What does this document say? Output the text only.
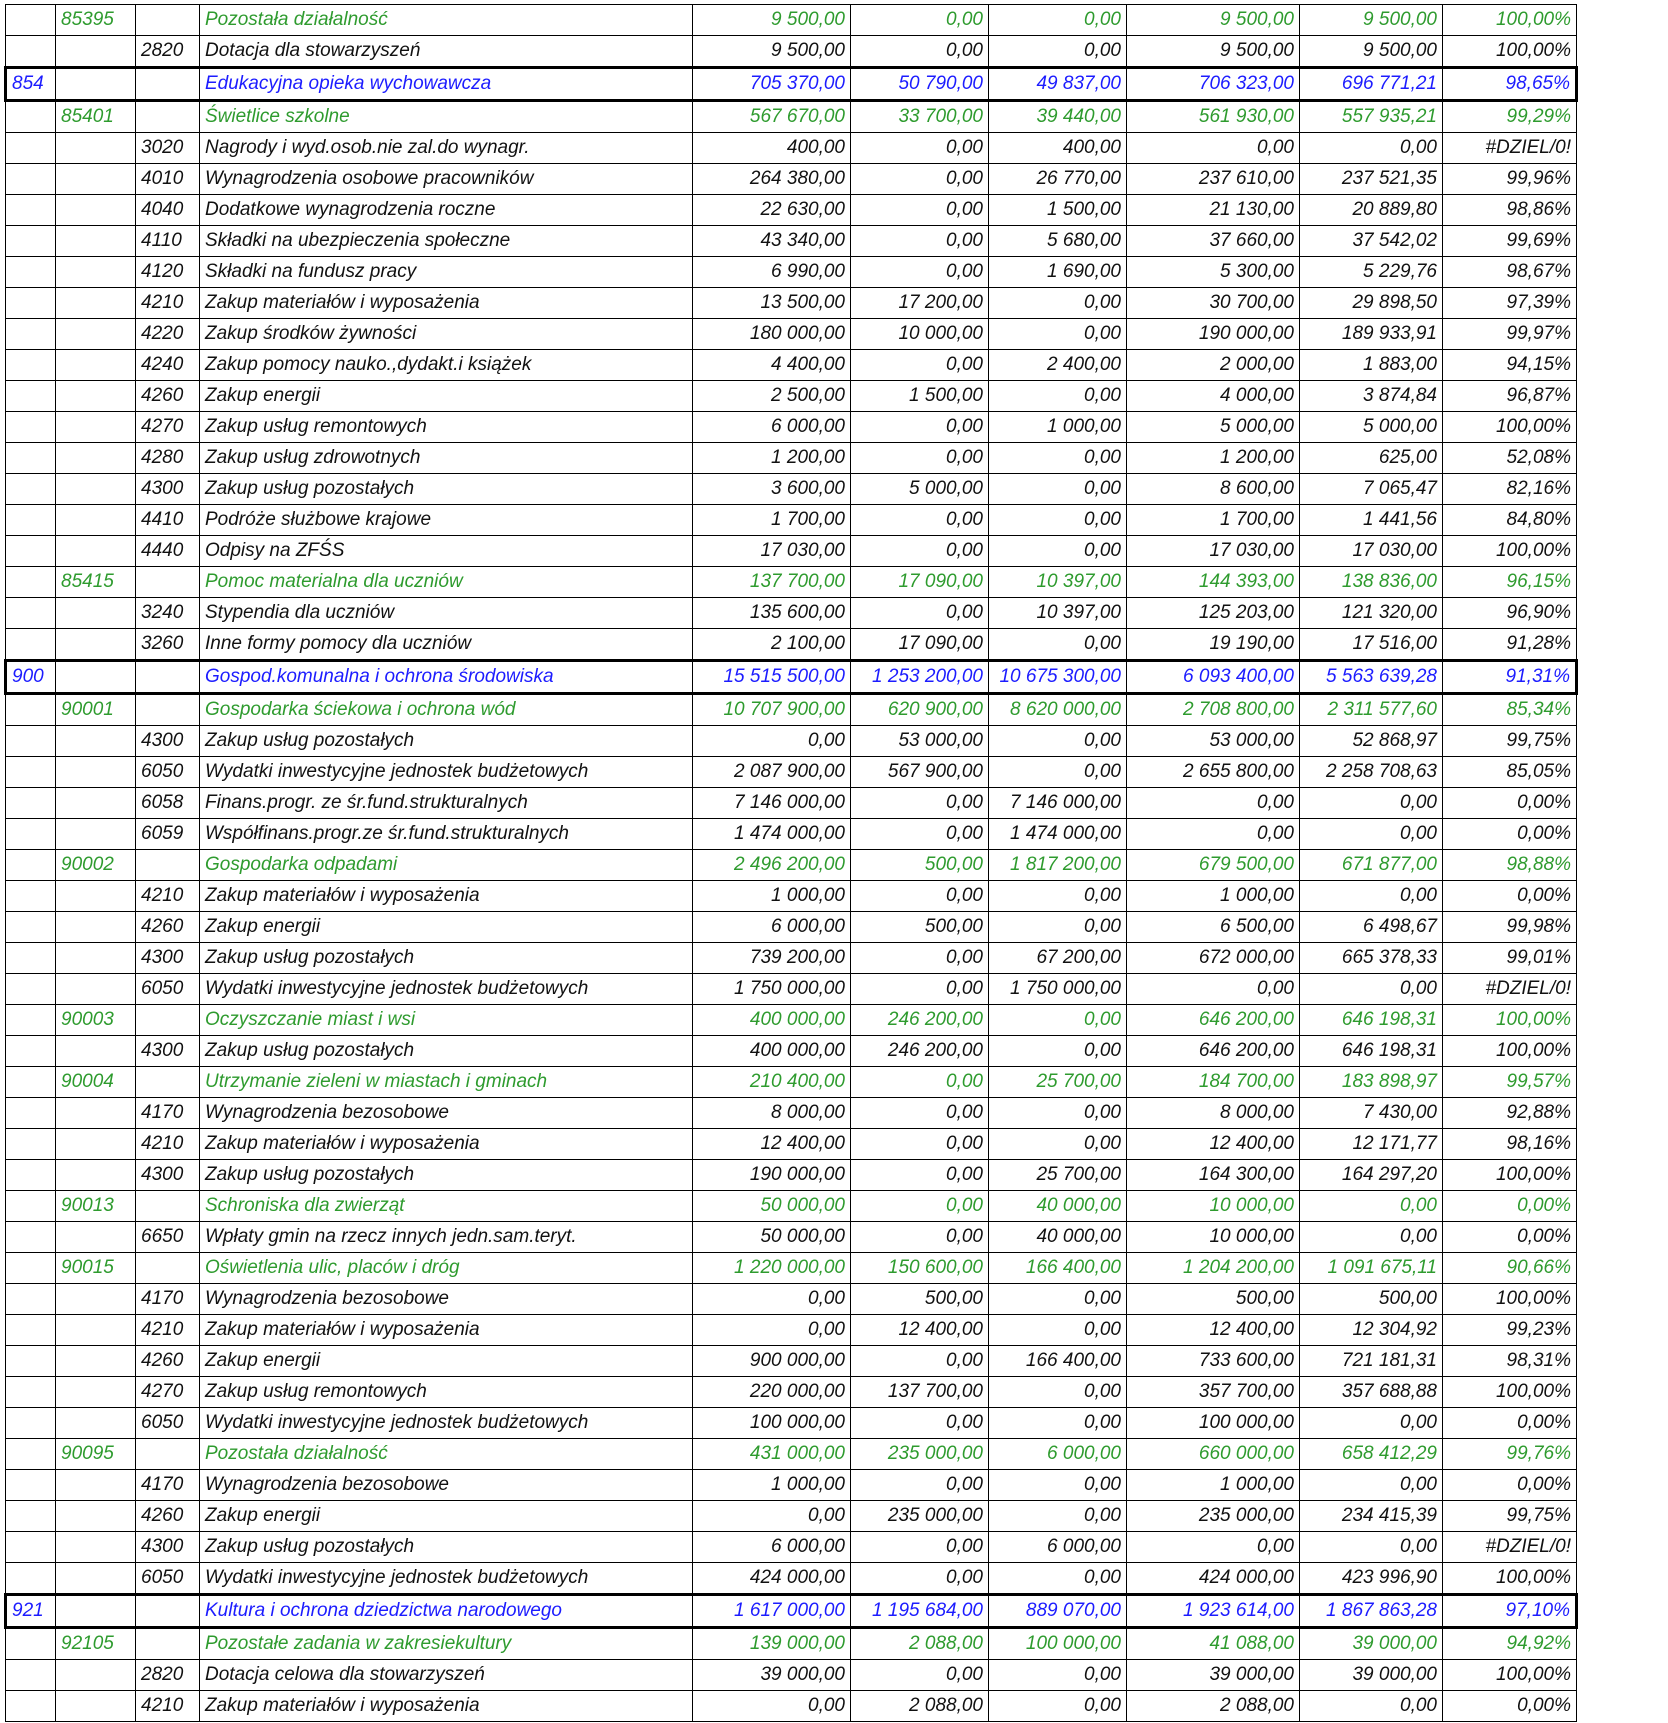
	85395		Pozostała działalność	9 500,00	0,00	0,00	9 500,00	9 500,00	100,00%
		2820	Dotacja dla stowarzyszeń	9 500,00	0,00	0,00	9 500,00	9 500,00	100,00%
854			Edukacyjna opieka wychowawcza	705 370,00	50 790,00	49 837,00	706 323,00	696 771,21	98,65%
	85401		Świetlice szkolne	567 670,00	33 700,00	39 440,00	561 930,00	557 935,21	99,29%
		3020	Nagrody i wyd.osob.nie zal.do wynagr.	400,00	0,00	400,00	0,00	0,00	#DZIEL/0!
		4010	Wynagrodzenia osobowe pracowników	264 380,00	0,00	26 770,00	237 610,00	237 521,35	99,96%
		4040	Dodatkowe wynagrodzenia roczne	22 630,00	0,00	1 500,00	21 130,00	20 889,80	98,86%
		4110	Składki na ubezpieczenia społeczne	43 340,00	0,00	5 680,00	37 660,00	37 542,02	99,69%
		4120	Składki na fundusz pracy	6 990,00	0,00	1 690,00	5 300,00	5 229,76	98,67%
		4210	Zakup materiałów i wyposażenia	13 500,00	17 200,00	0,00	30 700,00	29 898,50	97,39%
		4220	Zakup środków żywności	180 000,00	10 000,00	0,00	190 000,00	189 933,91	99,97%
		4240	Zakup pomocy nauko.,dydakt.i książek	4 400,00	0,00	2 400,00	2 000,00	1 883,00	94,15%
		4260	Zakup energii	2 500,00	1 500,00	0,00	4 000,00	3 874,84	96,87%
		4270	Zakup usług remontowych	6 000,00	0,00	1 000,00	5 000,00	5 000,00	100,00%
		4280	Zakup usług zdrowotnych	1 200,00	0,00	0,00	1 200,00	625,00	52,08%
		4300	Zakup usług pozostałych	3 600,00	5 000,00	0,00	8 600,00	7 065,47	82,16%
		4410	Podróże służbowe krajowe	1 700,00	0,00	0,00	1 700,00	1 441,56	84,80%
		4440	Odpisy na ZFŚS	17 030,00	0,00	0,00	17 030,00	17 030,00	100,00%
	85415		Pomoc materialna dla uczniów	137 700,00	17 090,00	10 397,00	144 393,00	138 836,00	96,15%
		3240	Stypendia dla uczniów	135 600,00	0,00	10 397,00	125 203,00	121 320,00	96,90%
		3260	Inne formy pomocy dla uczniów	2 100,00	17 090,00	0,00	19 190,00	17 516,00	91,28%
900			Gospod.komunalna i ochrona środowiska	15 515 500,00	1 253 200,00	10 675 300,00	6 093 400,00	5 563 639,28	91,31%
	90001		Gospodarka ściekowa i ochrona wód	10 707 900,00	620 900,00	8 620 000,00	2 708 800,00	2 311 577,60	85,34%
		4300	Zakup usług pozostałych	0,00	53 000,00	0,00	53 000,00	52 868,97	99,75%
		6050	Wydatki inwestycyjne jednostek budżetowych	2 087 900,00	567 900,00	0,00	2 655 800,00	2 258 708,63	85,05%
		6058	Finans.progr. ze śr.fund.strukturalnych	7 146 000,00	0,00	7 146 000,00	0,00	0,00	0,00%
		6059	Współfinans.progr.ze śr.fund.strukturalnych	1 474 000,00	0,00	1 474 000,00	0,00	0,00	0,00%
	90002		Gospodarka odpadami	2 496 200,00	500,00	1 817 200,00	679 500,00	671 877,00	98,88%
		4210	Zakup materiałów i wyposażenia	1 000,00	0,00	0,00	1 000,00	0,00	0,00%
		4260	Zakup energii	6 000,00	500,00	0,00	6 500,00	6 498,67	99,98%
		4300	Zakup usług pozostałych	739 200,00	0,00	67 200,00	672 000,00	665 378,33	99,01%
		6050	Wydatki inwestycyjne jednostek budżetowych	1 750 000,00	0,00	1 750 000,00	0,00	0,00	#DZIEL/0!
	90003		Oczyszczanie miast i wsi	400 000,00	246 200,00	0,00	646 200,00	646 198,31	100,00%
		4300	Zakup usług pozostałych	400 000,00	246 200,00	0,00	646 200,00	646 198,31	100,00%
	90004		Utrzymanie zieleni w miastach i gminach	210 400,00	0,00	25 700,00	184 700,00	183 898,97	99,57%
		4170	Wynagrodzenia bezosobowe	8 000,00	0,00	0,00	8 000,00	7 430,00	92,88%
		4210	Zakup materiałów i wyposażenia	12 400,00	0,00	0,00	12 400,00	12 171,77	98,16%
		4300	Zakup usług pozostałych	190 000,00	0,00	25 700,00	164 300,00	164 297,20	100,00%
	90013		Schroniska dla zwierząt	50 000,00	0,00	40 000,00	10 000,00	0,00	0,00%
		6650	Wpłaty gmin na rzecz innych jedn.sam.teryt.	50 000,00	0,00	40 000,00	10 000,00	0,00	0,00%
	90015		Oświetlenia ulic, placów i dróg	1 220 000,00	150 600,00	166 400,00	1 204 200,00	1 091 675,11	90,66%
		4170	Wynagrodzenia bezosobowe	0,00	500,00	0,00	500,00	500,00	100,00%
		4210	Zakup materiałów i wyposażenia	0,00	12 400,00	0,00	12 400,00	12 304,92	99,23%
		4260	Zakup energii	900 000,00	0,00	166 400,00	733 600,00	721 181,31	98,31%
		4270	Zakup usług remontowych	220 000,00	137 700,00	0,00	357 700,00	357 688,88	100,00%
		6050	Wydatki inwestycyjne jednostek budżetowych	100 000,00	0,00	0,00	100 000,00	0,00	0,00%
	90095		Pozostała działalność	431 000,00	235 000,00	6 000,00	660 000,00	658 412,29	99,76%
		4170	Wynagrodzenia bezosobowe	1 000,00	0,00	0,00	1 000,00	0,00	0,00%
		4260	Zakup energii	0,00	235 000,00	0,00	235 000,00	234 415,39	99,75%
		4300	Zakup usług pozostałych	6 000,00	0,00	6 000,00	0,00	0,00	#DZIEL/0!
		6050	Wydatki inwestycyjne jednostek budżetowych	424 000,00	0,00	0,00	424 000,00	423 996,90	100,00%
921			Kultura i ochrona dziedzictwa narodowego	1 617 000,00	1 195 684,00	889 070,00	1 923 614,00	1 867 863,28	97,10%
	92105		Pozostałe zadania w zakresiekultury	139 000,00	2 088,00	100 000,00	41 088,00	39 000,00	94,92%
		2820	Dotacja celowa dla stowarzyszeń	39 000,00	0,00	0,00	39 000,00	39 000,00	100,00%
		4210	Zakup materiałów i wyposażenia	0,00	2 088,00	0,00	2 088,00	0,00	0,00%
